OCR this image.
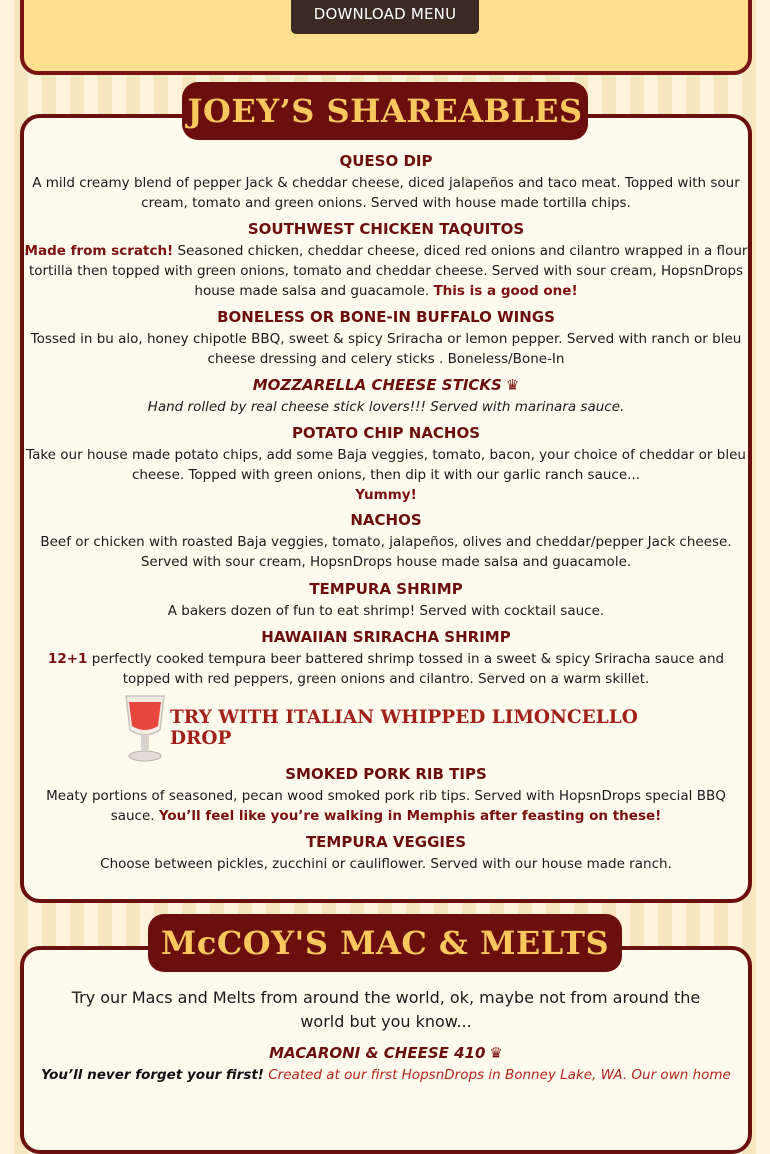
DOWNLOAD MENU
JOEY’S SHAREABLES
QUESO DIP

A mild creamy blend of pepper Jack & cheddar cheese, diced jalapeños and taco meat. Topped with sour cream, tomato and green onions. Served with house made tortilla chips.

SOUTHWEST CHICKEN TAQUITOS

Made from scratch! Seasoned chicken, cheddar cheese, diced red onions and cilantro wrapped in a flour tortilla then topped with green onions, tomato and cheddar cheese. Served with sour cream, HopsnDrops house made salsa and guacamole. This is a good one!

BONELESS OR BONE-IN BUFFALO WINGS

Tossed in bu alo, honey chipotle BBQ, sweet & spicy Sriracha or lemon pepper. Served with ranch or bleu cheese dressing and celery sticks . Boneless/Bone-In

MOZZARELLA CHEESE STICKS ♛

Hand rolled by real cheese stick lovers!!! Served with marinara sauce.

POTATO CHIP NACHOS

Take our house made potato chips, add some Baja veggies, tomato, bacon, your choice of cheddar or bleu cheese. Topped with green onions, then dip it with our garlic ranch sauce...
Yummy!

NACHOS

Beef or chicken with roasted Baja veggies, tomato, jalapeños, olives and cheddar/pepper Jack cheese. Served with sour cream, HopsnDrops house made salsa and guacamole.

TEMPURA SHRIMP

A bakers dozen of fun to eat shrimp! Served with cocktail sauce.

HAWAIIAN SRIRACHA SHRIMP

12+1 perfectly cooked tempura beer battered shrimp tossed in a sweet & spicy Sriracha sauce and topped with red peppers, green onions and cilantro. Served on a warm skillet.

TRY WITH ITALIAN WHIPPED LIMONCELLO DROP
SMOKED PORK RIB TIPS

Meaty portions of seasoned, pecan wood smoked pork rib tips. Served with HopsnDrops special BBQ sauce. You’ll feel like you’re walking in Memphis after feasting on these!

TEMPURA VEGGIES

Choose between pickles, zucchini or cauliflower. Served with our house made ranch.

McCOY'S MAC & MELTS

Try our Macs and Melts from around the world, ok, maybe not from around the world but you know...

MACARONI & CHEESE 410 ♛

You’ll never forget your first! Created at our first HopsnDrops in Bonney Lake, WA. Our own home
